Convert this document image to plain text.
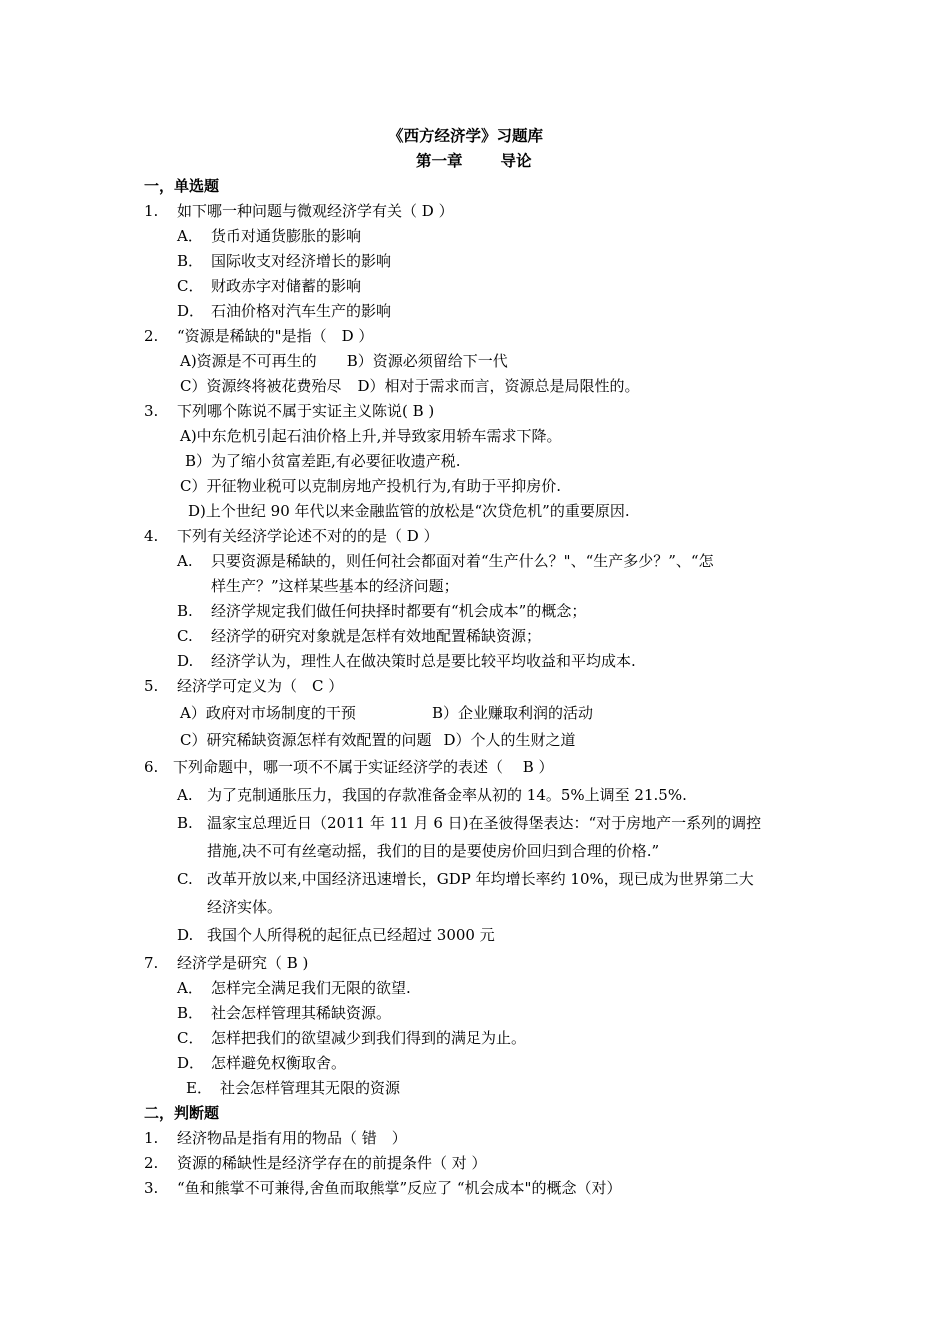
《西方经济学》习题库
第一章 导论
一，单选题
1. 如下哪一种问题与微观经济学有关（ D ）
A． 货币对通货膨胀的影响
B． 国际收支对经济增长的影响
C． 财政赤字对储蓄的影响
D． 石油价格对汽车生产的影响
2. “资源是稀缺的"是指（　D ）
A)资源是不可再生的 B）资源必须留给下一代
C）资源终将被花费殆尽 D）相对于需求而言，资源总是局限性的。
3. 下列哪个陈说不属于实证主义陈说( B )
A)中东危机引起石油价格上升,并导致家用轿车需求下降。
B）为了缩小贫富差距,有必要征收遗产税.
C）开征物业税可以克制房地产投机行为,有助于平抑房价.
D)上个世纪 90 年代以来金融监管的放松是“次贷危机”的重要原因.
4. 下列有关经济学论述不对的的是（ D ）
A. 只要资源是稀缺的，则任何社会都面对着“生产什么？"、“生产多少？”、“怎
样生产？”这样某些基本的经济问题；
B. 经济学规定我们做任何抉择时都要有“机会成本”的概念；
C. 经济学的研究对象就是怎样有效地配置稀缺资源；
D. 经济学认为，理性人在做决策时总是要比较平均收益和平均成本.
5. 经济学可定义为（　C ）
A）政府对市场制度的干预	B）企业赚取利润的活动
C）研究稀缺资源怎样有效配置的问题 D）个人的生财之道
6. 下列命题中，哪一项不不属于实证经济学的表述（　 B ）
A. 为了克制通胀压力，我国的存款准备金率从初的 14。5%上调至 21.5%.
B. 温家宝总理近日（2011 年 11 月 6 日)在圣彼得堡表达：“对于房地产一系列的调控
措施,决不可有丝毫动摇，我们的目的是要使房价回归到合理的价格.”
C. 改革开放以来,中国经济迅速增长，GDP 年均增长率约 10%，现已成为世界第二大
经济实体。
D. 我国个人所得税的起征点已经超过 3000 元
7. 经济学是研究（ B )
A． 怎样完全满足我们无限的欲望.
B． 社会怎样管理其稀缺资源。
C． 怎样把我们的欲望减少到我们得到的满足为止。
D． 怎样避免权衡取舍。
E． 社会怎样管理其无限的资源
二，判断题
1. 经济物品是指有用的物品（ 错　）
2. 资源的稀缺性是经济学存在的前提条件（ 对 ）
3. “鱼和熊掌不可兼得,舍鱼而取熊掌”反应了 “机会成本"的概念（对）
